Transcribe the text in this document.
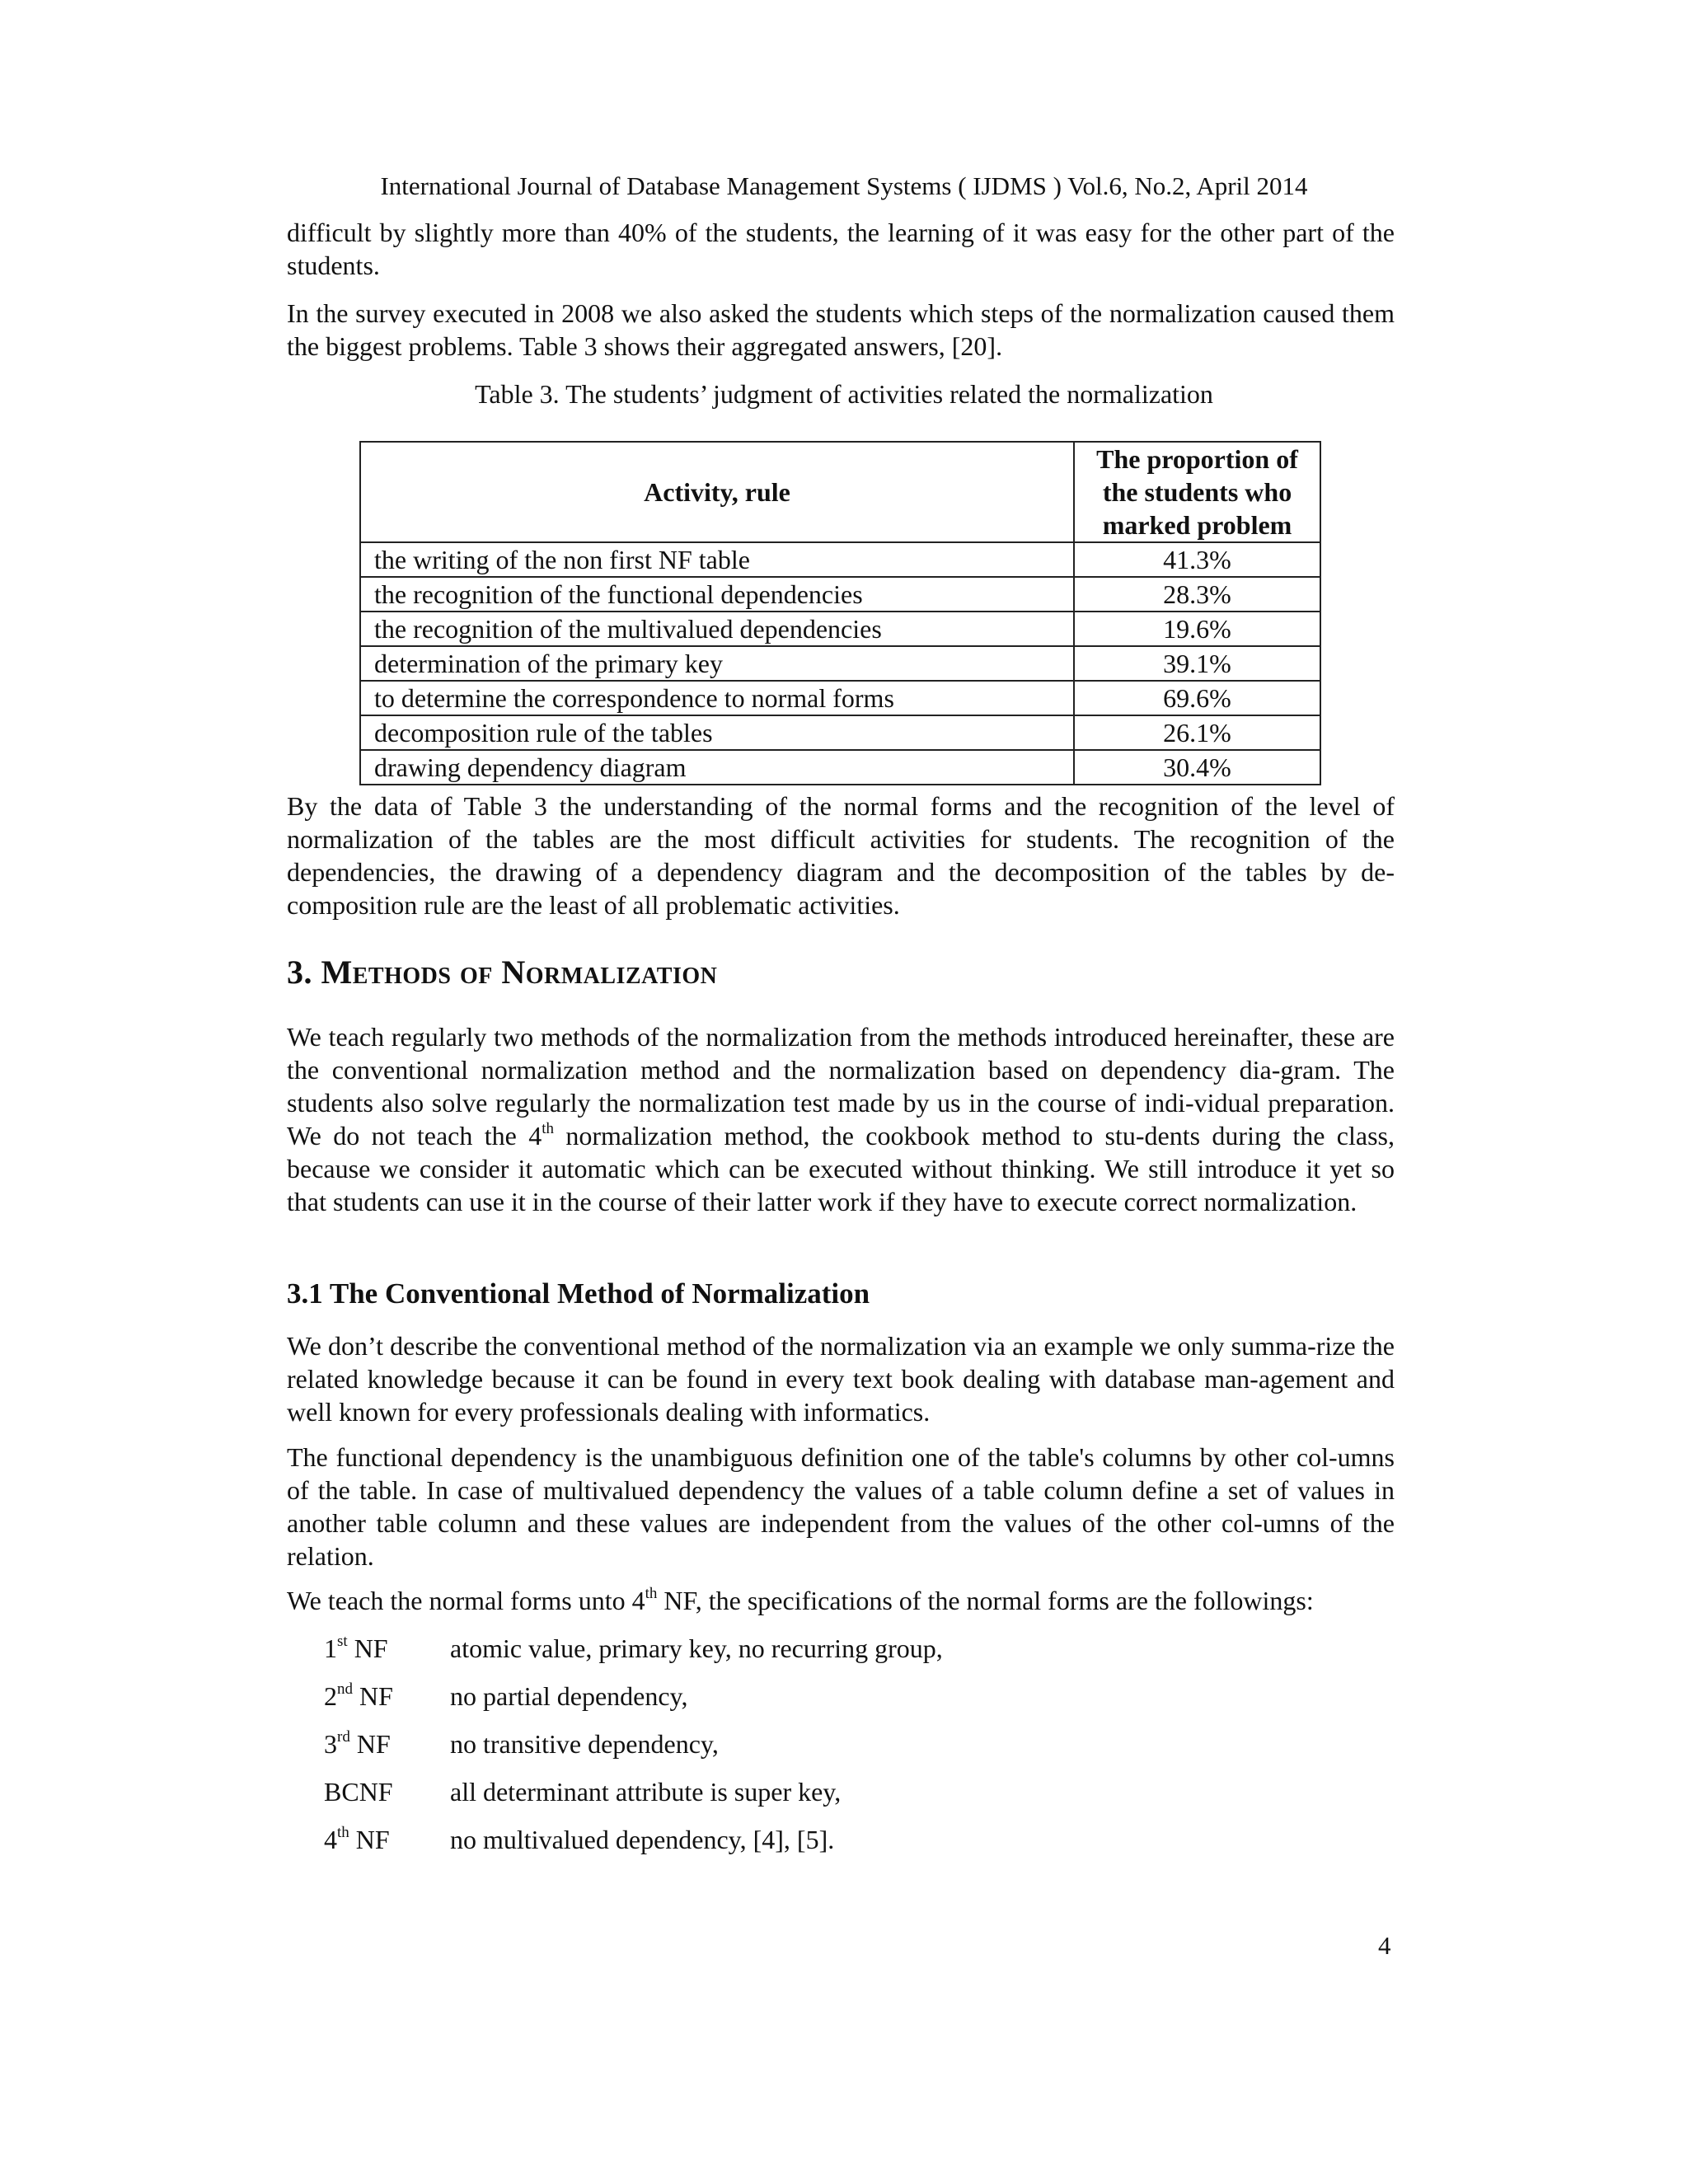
International Journal of Database Management Systems ( IJDMS ) Vol.6, No.2, April 2014

difficult by slightly more than 40% of the students, the learning of it was easy for the other part of the students.

In the survey executed in 2008 we also asked the students which steps of the normalization caused them the biggest problems. Table 3 shows their aggregated answers, [20].

Table 3. The students’ judgment of activities related the normalization
Activity, rule	The proportion of the students who marked problem
the writing of the non first NF table	41.3%
the recognition of the functional dependencies	28.3%
the recognition of the multivalued dependencies	19.6%
determination of the primary key	39.1%
to determine the correspondence to normal forms	69.6%
decomposition rule of the tables	26.1%
drawing dependency diagram	30.4%

By the data of Table 3 the understanding of the normal forms and the recognition of the level of normalization of the tables are the most difficult activities for students. The recognition of the dependencies, the drawing of a dependency diagram and the decomposition of the tables by de-composition rule are the least of all problematic activities.

3. Methods of Normalization

We teach regularly two methods of the normalization from the methods introduced hereinafter, these are the conventional normalization method and the normalization based on dependency dia-gram. The students also solve regularly the normalization test made by us in the course of indi-vidual preparation. We do not teach the 4th normalization method, the cookbook method to stu-dents during the class, because we consider it automatic which can be executed without thinking. We still introduce it yet so that students can use it in the course of their latter work if they have to execute correct normalization.

3.1 The Conventional Method of Normalization

We don’t describe the conventional method of the normalization via an example we only summa-rize the related knowledge because it can be found in every text book dealing with database man-agement and well known for every professionals dealing with informatics.

The functional dependency is the unambiguous definition one of the table's columns by other col-umns of the table. In case of multivalued dependency the values of a table column define a set of values in another table column and these values are independent from the values of the other col-umns of the relation.

We teach the normal forms unto 4th NF, the specifications of the normal forms are the followings:

1st NF atomic value, primary key, no recurring group,
2nd NF no partial dependency,
3rd NF no transitive dependency,
BCNF all determinant attribute is super key,
4th NF no multivalued dependency, [4], [5].
4
